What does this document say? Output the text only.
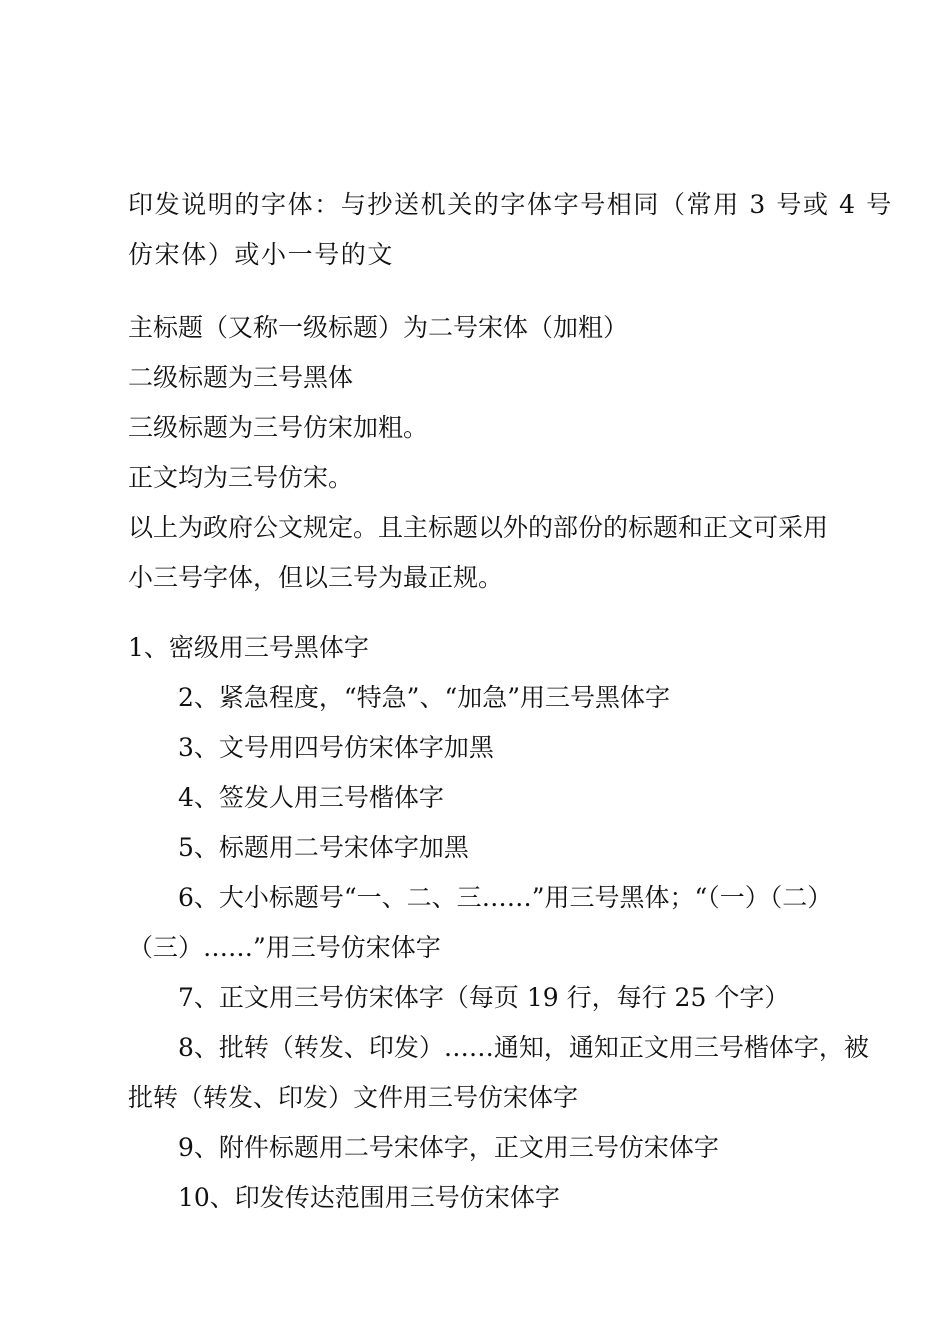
印发说明的字体：与抄送机关的字体字号相同（常用 3 号或 4 号
仿宋体）或小一号的文
主标题（又称一级标题）为二号宋体（加粗）
二级标题为三号黑体
三级标题为三号仿宋加粗。
正文均为三号仿宋。
以上为政府公文规定。且主标题以外的部份的标题和正文可采用
小三号字体，但以三号为最正规。
1、密级用三号黑体字
2、紧急程度，“特急”、“加急”用三号黑体字
3、文号用四号仿宋体字加黑
4、签发人用三号楷体字
5、标题用二号宋体字加黑
6、大小标题号“一、二、三……”用三号黑体；“（一）（二）
（三）……”用三号仿宋体字
7、正文用三号仿宋体字（每页 19 行，每行 25 个字）
8、批转（转发、印发）……通知，通知正文用三号楷体字，被
批转（转发、印发）文件用三号仿宋体字
9、附件标题用二号宋体字，正文用三号仿宋体字
10、印发传达范围用三号仿宋体字
